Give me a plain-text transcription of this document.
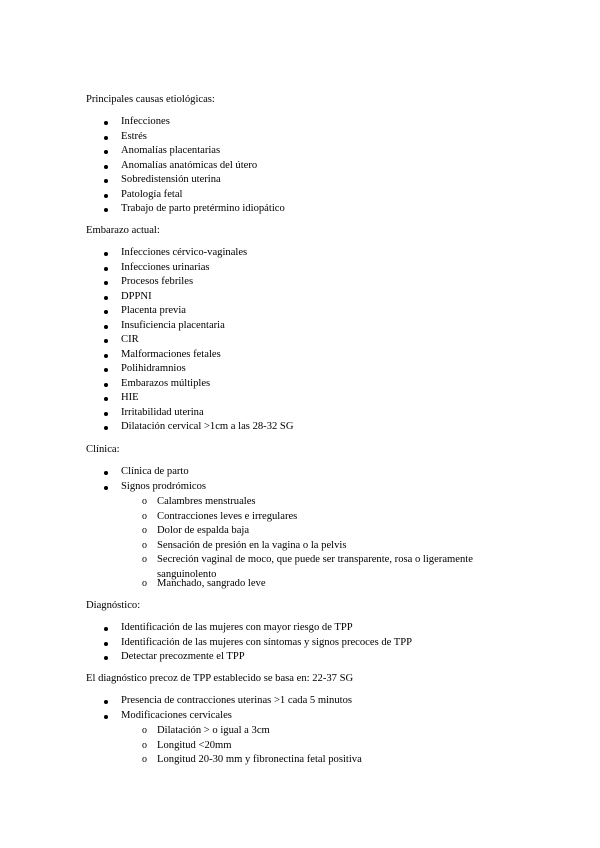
Principales causas etiológicas:
Infecciones
Estrés
Anomalías placentarias
Anomalías anatómicas del útero
Sobredistensión uterina
Patología fetal
Trabajo de parto pretérmino idiopático
Embarazo actual:
Infecciones cérvico-vaginales
Infecciones urinarias
Procesos febriles
DPPNI
Placenta previa
Insuficiencia placentaria
CIR
Malformaciones fetales
Polihidramnios
Embarazos múltiples
HIE
Irritabilidad uterina
Dilatación cervical >1cm a las 28-32 SG
Clínica:
Clínica de parto
Signos prodrómicos
o Calambres menstruales
o Contracciones leves e irregulares
o Dolor de espalda baja
o Sensación de presión en la vagina o la pelvis
o Secreción vaginal de moco, que puede ser transparente, rosa o ligeramente sanguinolento
o Manchado, sangrado leve
Diagnóstico:
Identificación de las mujeres con mayor riesgo de TPP
Identificación de las mujeres con síntomas y signos precoces de TPP
Detectar precozmente el TPP
El diagnóstico precoz de TPP establecido se basa en: 22-37 SG
Presencia de contracciones uterinas >1 cada 5 minutos
Modificaciones cervicales
o Dilatación > o igual a 3cm
o Longitud <20mm
o Longitud 20-30 mm y fibronectina fetal positiva
